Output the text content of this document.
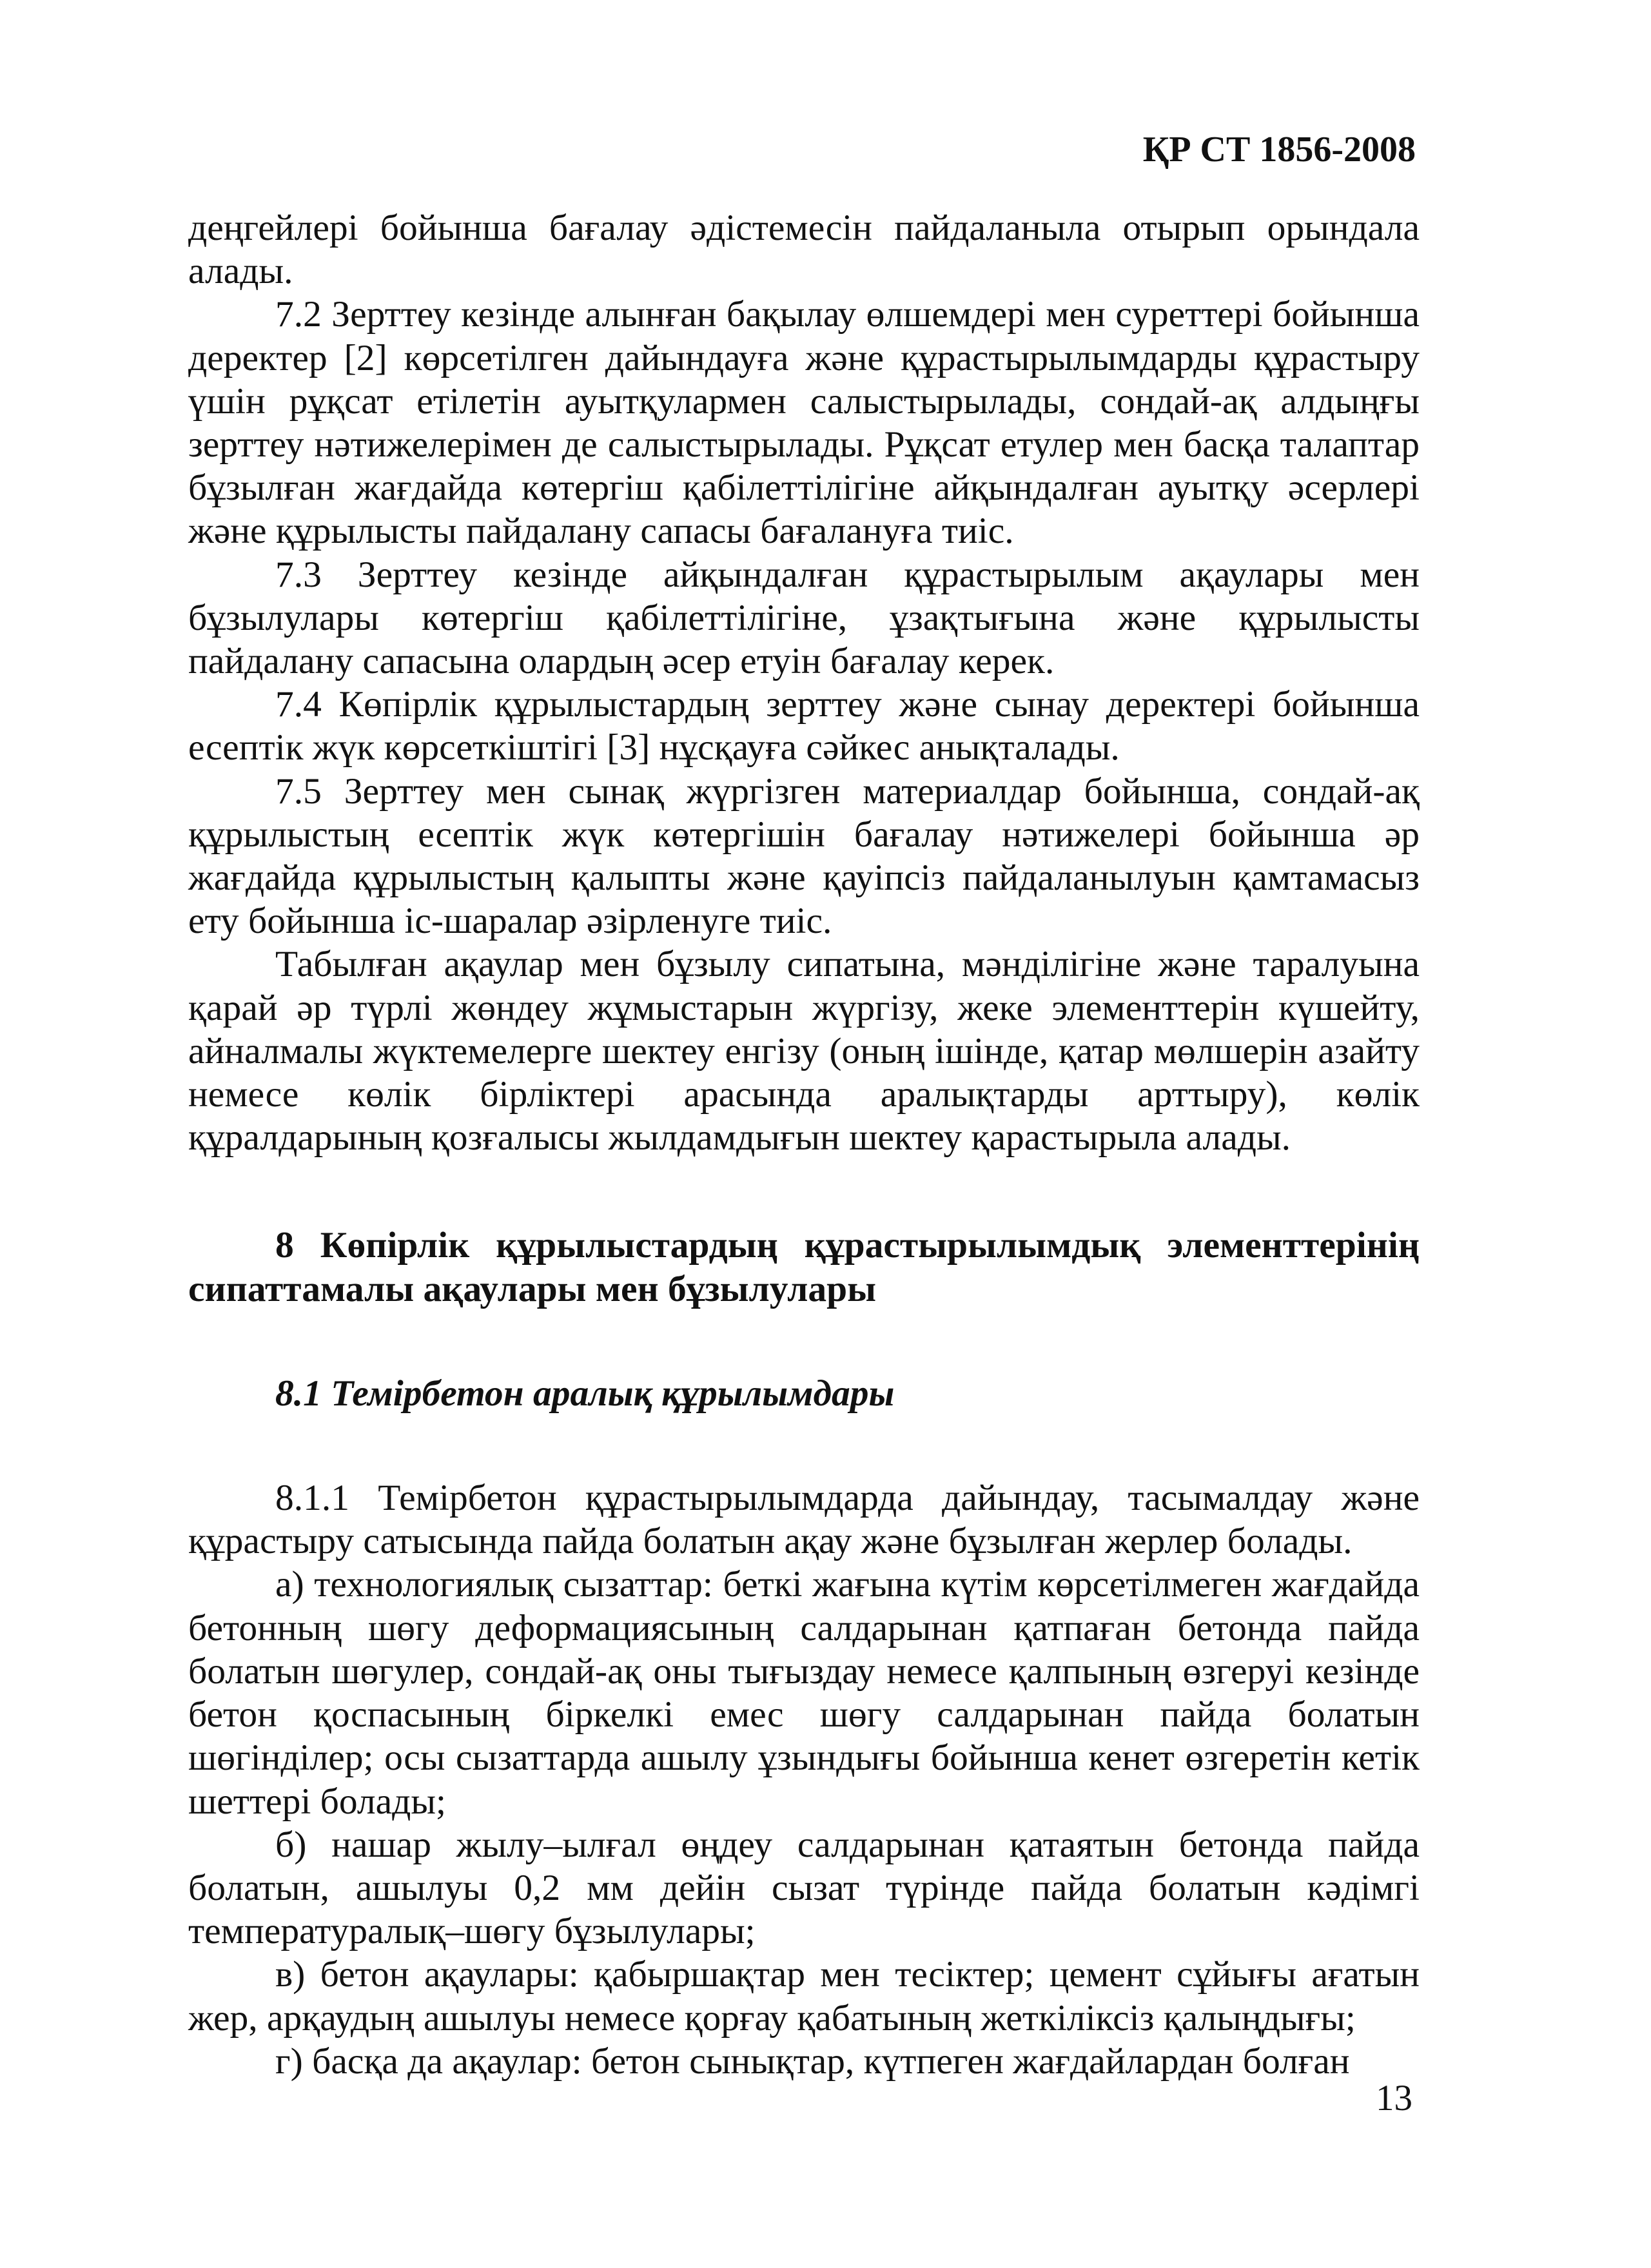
ҚР СТ 1856-2008

деңгейлері бойынша бағалау әдістемесін пайдаланыла отырып орындала алады.

7.2 Зерттеу кезінде алынған бақылау өлшемдері мен суреттері бойынша деректер [2] көрсетілген дайындауға және құрастырылымдарды құрастыру үшін рұқсат етілетін ауытқулармен салыстырылады, сондай-ақ алдыңғы зерттеу нәтижелерімен де салыстырылады. Рұқсат етулер мен басқа талаптар бұзылған жағдайда көтергіш қабілеттілігіне айқындалған ауытқу әсерлері және құрылысты пайдалану сапасы бағалануға тиіс.

7.3 Зерттеу кезінде айқындалған құрастырылым ақаулары мен бұзылулары көтергіш қабілеттілігіне, ұзақтығына және құрылысты пайдалану сапасына олардың әсер етуін бағалау керек.

7.4 Көпірлік құрылыстардың зерттеу және сынау деректері бойынша есептік жүк көрсеткіштігі [3] нұсқауға сәйкес анықталады.

7.5 Зерттеу мен сынақ жүргізген материалдар бойынша, сондай-ақ құрылыстың есептік жүк көтергішін бағалау нәтижелері бойынша әр жағдайда құрылыстың қалыпты және қауіпсіз пайдаланылуын қамтамасыз ету бойынша іс-шаралар әзірленуге тиіс.

Табылған ақаулар мен бұзылу сипатына, мәнділігіне және таралуына қарай әр түрлі жөндеу жұмыстарын жүргізу, жеке элементтерін күшейту, айналмалы жүктемелерге шектеу енгізу (оның ішінде, қатар мөлшерін азайту немесе көлік бірліктері арасында аралықтарды арттыру), көлік құралдарының қозғалысы жылдамдығын шектеу қарастырыла алады.

8 Көпірлік құрылыстардың құрастырылымдық элементтерінің сипаттамалы ақаулары мен бұзылулары
8.1 Темірбетон аралық құрылымдары

8.1.1 Темірбетон құрастырылымдарда дайындау, тасымалдау және құрастыру сатысында пайда болатын ақау және бұзылған жерлер болады.

а) технологиялық сызаттар: беткі жағына күтім көрсетілмеген жағдайда бетонның шөгу деформациясының салдарынан қатпаған бетонда пайда болатын шөгулер, сондай-ақ оны тығыздау немесе қалпының өзгеруі кезінде бетон қоспасының біркелкі емес шөгу салдарынан пайда болатын шөгінділер; осы сызаттарда ашылу ұзындығы бойынша кенет өзгеретін кетік шеттері болады;

б) нашар жылу–ылғал өңдеу салдарынан қатаятын бетонда пайда болатын, ашылуы 0,2 мм дейін сызат түрінде пайда болатын кәдімгі температуралық–шөгу бұзылулары;

в) бетон ақаулары: қабыршақтар мен тесіктер; цемент сұйығы ағатын жер, арқаудың ашылуы немесе қорғау қабатының жеткіліксіз қалыңдығы;

г) басқа да ақаулар: бетон сынықтар, күтпеген жағдайлардан болған

13
